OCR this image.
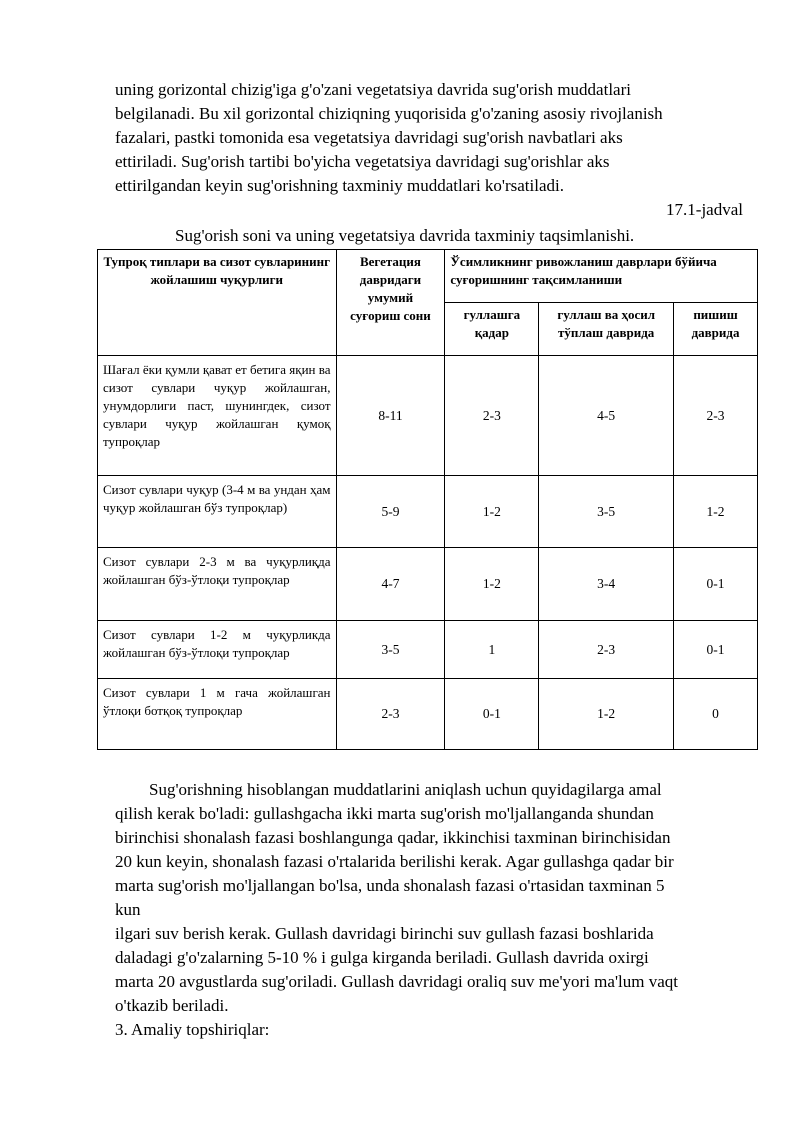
uning gorizontal chizig'iga g'o'zani vegetatsiya davrida sug'orish muddatlari
belgilanadi. Bu xil gorizontal chiziqning yuqorisida g'o'zaning asosiy rivojlanish
fazalari, pastki tomonida esa vegetatsiya davridagi sug'orish navbatlari aks
ettiriladi. Sug'orish tartibi bo'yicha vegetatsiya davridagi sug'orishlar aks
ettirilgandan keyin sug'orishning taxminiy muddatlari ko'rsatiladi.
17.1-jadval
Sug'orish soni va uning vegetatsiya davrida taxminiy taqsimlanishi.
Тупроқ типлари ва сизот сувларининг жойлашиш чуқурлиги	Вегетация давридаги умумий суғориш сони	Ўсимликнинг ривожланиш даврлари бўйича суғоришнинг тақсимланиши		
		гуллашга қадар	гуллаш ва ҳосил тўплаш даврида	пишиш даврида
Шағал ёки қумли қават ет бетига яқин ва сизот сувлари чуқур жойлашган, унумдорлиги паст, шунингдек, сизот сувлари чуқур жойлашган қумоқ тупроқлар	8-11	2-3	4-5	2-3
Сизот сувлари чуқур (3-4 м ва ундан ҳам чуқур жойлашган бўз тупроқлар)	5-9	1-2	3-5	1-2
Сизот сувлари 2-3 м ва чуқурлиқда жойлашган бўз-ўтлоқи тупроқлар	4-7	1-2	3-4	0-1
Сизот сувлари 1-2 м чуқурликда жойлашган бўз-ўтлоқи тупроқлар	3-5	1	2-3	0-1
Сизот сувлари 1 м гача жойлашган ўтлоқи ботқоқ тупроқлар	2-3	0-1	1-2	0
Sug'orishning hisoblangan muddatlarini aniqlash uchun quyidagilarga amal
qilish kerak bo'ladi: gullashgacha ikki marta sug'orish mo'ljallanganda shundan
birinchisi shonalash fazasi boshlangunga qadar, ikkinchisi taxminan birinchisidan
20 kun keyin, shonalash fazasi o'rtalarida berilishi kerak. Agar gullashga qadar bir
marta sug'orish mo'ljallangan bo'lsa, unda shonalash fazasi o'rtasidan taxminan 5
kun
ilgari suv berish kerak. Gullash davridagi birinchi suv gullash fazasi boshlarida
daladagi g'o'zalarning 5-10 % i gulga kirganda beriladi. Gullash davrida oxirgi
marta 20 avgustlarda sug'oriladi. Gullash davridagi oraliq suv me'yori ma'lum vaqt
o'tkazib beriladi.
3. Amaliy topshiriqlar:
